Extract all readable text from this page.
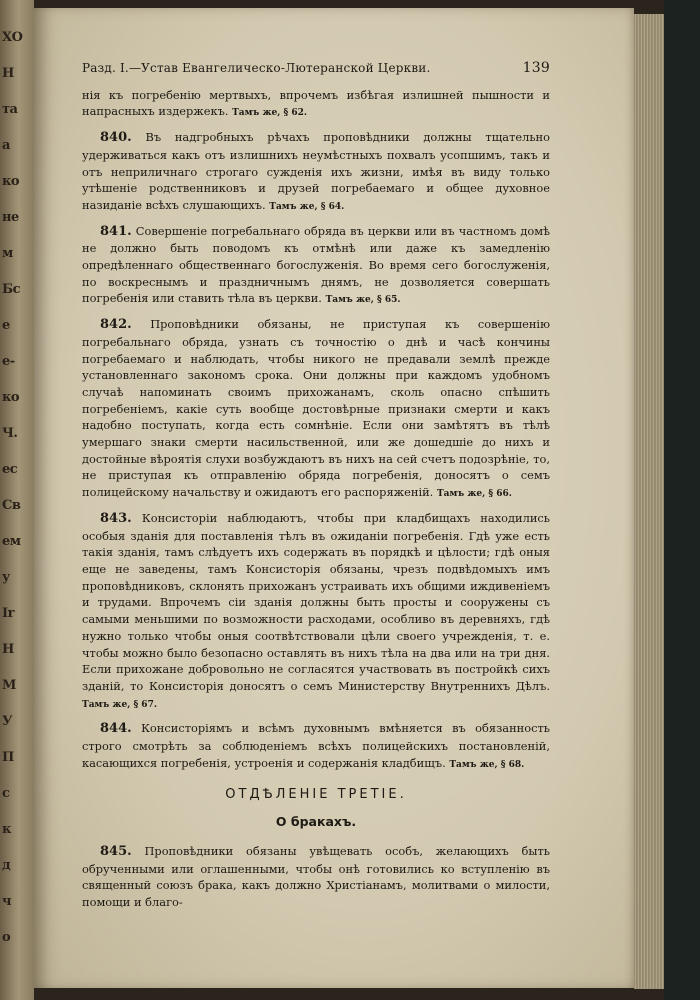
ХО
Н
та
а
ко
не
м
Бс
е
е-
ко
Ч.
ес
Св
ем
у
Ir
Н
М
У
П
с
к
д
ч
о
Разд. I.—Устав Евангелическо-Лютеранской Церкви.	139

нія къ погребенію мертвыхъ, впрочемъ избѣгая излишней пышности и напрасныхъ издержекъ. Тамъ же, § 62.

840. Въ надгробныхъ рѣчахъ проповѣдники должны тщательно удерживаться какъ отъ излишнихъ неумѣстныхъ похвалъ усопшимъ, такъ и отъ неприличнаго строгаго сужденія ихъ жизни, имѣя въ виду только утѣшеніе родственниковъ и друзей погребаемаго и общее духовное назиданіе всѣхъ слушающихъ. Тамъ же, § 64.

841. Совершеніе погребальнаго обряда въ церкви или въ частномъ домѣ не должно быть поводомъ къ отмѣнѣ или даже къ замедленію опредѣленнаго общественнаго богослуженія. Во время сего богослуженія, по воскреснымъ и праздничнымъ днямъ, не дозволяется совершать погребенія или ставить тѣла въ церкви. Тамъ же, § 65.

842. Проповѣдники обязаны, не приступая къ совершенію погребальнаго обряда, узнать съ точностію о днѣ и часѣ кончины погребаемаго и наблюдать, чтобы никого не предавали землѣ прежде установленнаго закономъ срока. Они должны при каждомъ удобномъ случаѣ напоминать своимъ прихожанамъ, сколь опасно спѣшить погребеніемъ, какіе суть вообще достовѣрные признаки смерти и какъ надобно поступать, когда есть сомнѣніе. Если они замѣтятъ въ тѣлѣ умершаго знаки смерти насильственной, или же дошедшіе до нихъ и достойные вѣроятія слухи возбуждаютъ въ нихъ на сей счетъ подозрѣніе, то, не приступая къ отправленію обряда погребенія, доносятъ о семъ полицейскому начальству и ожидаютъ его распоряженій. Тамъ же, § 66.

843. Консисторіи наблюдаютъ, чтобы при кладбищахъ находились особыя зданія для поставленія тѣлъ въ ожиданіи погребенія. Гдѣ уже есть такія зданія, тамъ слѣдуетъ ихъ содержать въ порядкѣ и цѣлости; гдѣ оныя еще не заведены, тамъ Консисторія обязаны, чрезъ подвѣдомыхъ имъ проповѣдниковъ, склонять прихожанъ устраивать ихъ общими иждивеніемъ и трудами. Впрочемъ сіи зданія должны быть просты и сооружены съ самыми меньшими по возможности расходами, особливо въ деревняхъ, гдѣ нужно только чтобы оныя соотвѣтствовали цѣли своего учрежденія, т. е. чтобы можно было безопасно оставлять въ нихъ тѣла на два или на три дня. Если прихожане добровольно не согласятся участвовать въ постройкѣ сихъ зданій, то Консисторія доносятъ о семъ Министерству Внутреннихъ Дѣлъ. Тамъ же, § 67.

844. Консисторіямъ и всѣмъ духовнымъ вмѣняется въ обязанность строго смотрѣть за соблюденіемъ всѣхъ полицейскихъ постановленій, касающихся погребенія, устроенія и содержанія кладбищъ. Тамъ же, § 68.

ОТДѢЛЕНІЕ ТРЕТІЕ.
О бракахъ.

845. Проповѣдники обязаны увѣщевать особъ, желающихъ быть обрученными или оглашенными, чтобы онѣ готовились ко вступленію въ священный союзъ брака, какъ должно Христіанамъ, молитвами о милости, помощи и благо-
